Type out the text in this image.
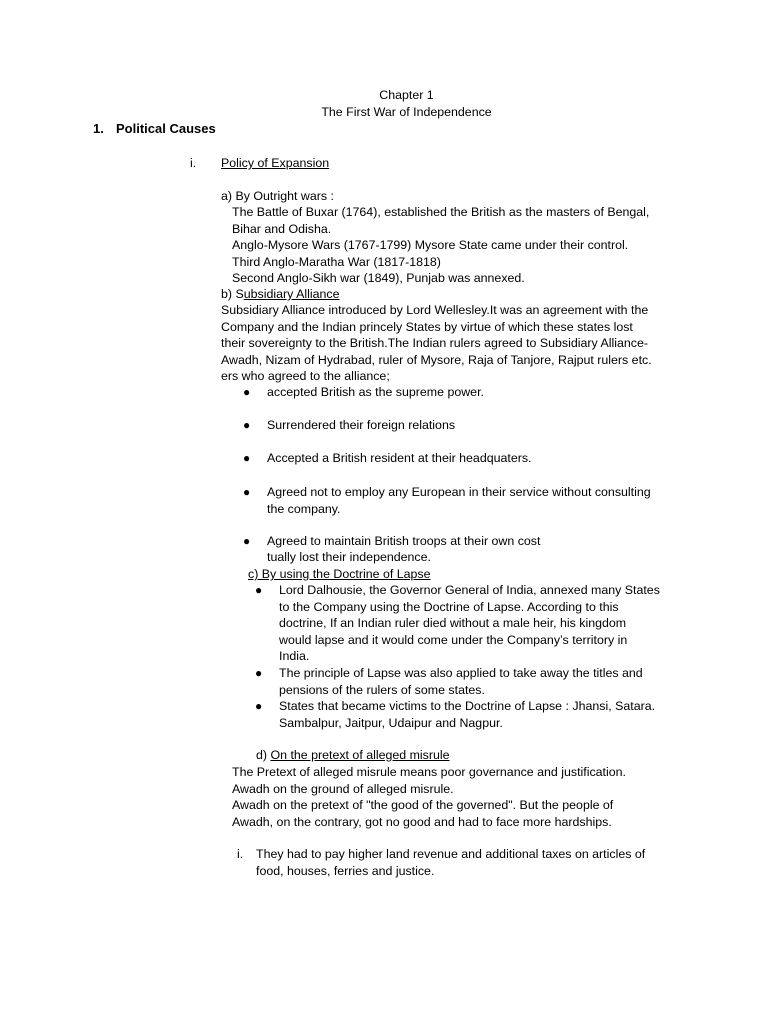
Chapter 1
The First War of Independence
1. Political Causes
i. Policy of Expansion
a) By Outright wars :
The Battle of Buxar (1764), established the British as the masters of Bengal,
Bihar and Odisha.
Anglo-Mysore Wars (1767-1799) Mysore State came under their control.
Third Anglo-Maratha War (1817-1818)
Second Anglo-Sikh war (1849), Punjab was annexed.
b) Subsidiary Alliance
Subsidiary Alliance introduced by Lord Wellesley.It was an agreement with the
Company and the Indian princely States by virtue of which these states lost
their sovereignty to the British.The Indian rulers agreed to Subsidiary Alliance-
Awadh, Nizam of Hydrabad, ruler of Mysore, Raja of Tanjore, Rajput rulers etc.
ers who agreed to the alliance;
● accepted British as the supreme power.
● Surrendered their foreign relations
● Accepted a British resident at their headquaters.
● Agreed not to employ any European in their service without consulting
the company.
● Agreed to maintain British troops at their own cost
tually lost their independence.
c) By using the Doctrine of Lapse
● Lord Dalhousie, the Governor General of India, annexed many States
to the Company using the Doctrine of Lapse. According to this
doctrine, If an Indian ruler died without a male heir, his kingdom
would lapse and it would come under the Company’s territory in
India.
● The principle of Lapse was also applied to take away the titles and
pensions of the rulers of some states.
● States that became victims to the Doctrine of Lapse : Jhansi, Satara.
Sambalpur, Jaitpur, Udaipur and Nagpur.
d) On the pretext of alleged misrule
The Pretext of alleged misrule means poor governance and justification.
Awadh on the ground of alleged misrule.
Awadh on the pretext of "the good of the governed". But the people of
Awadh, on the contrary, got no good and had to face more hardships.
i. They had to pay higher land revenue and additional taxes on articles of
food, houses, ferries and justice.
